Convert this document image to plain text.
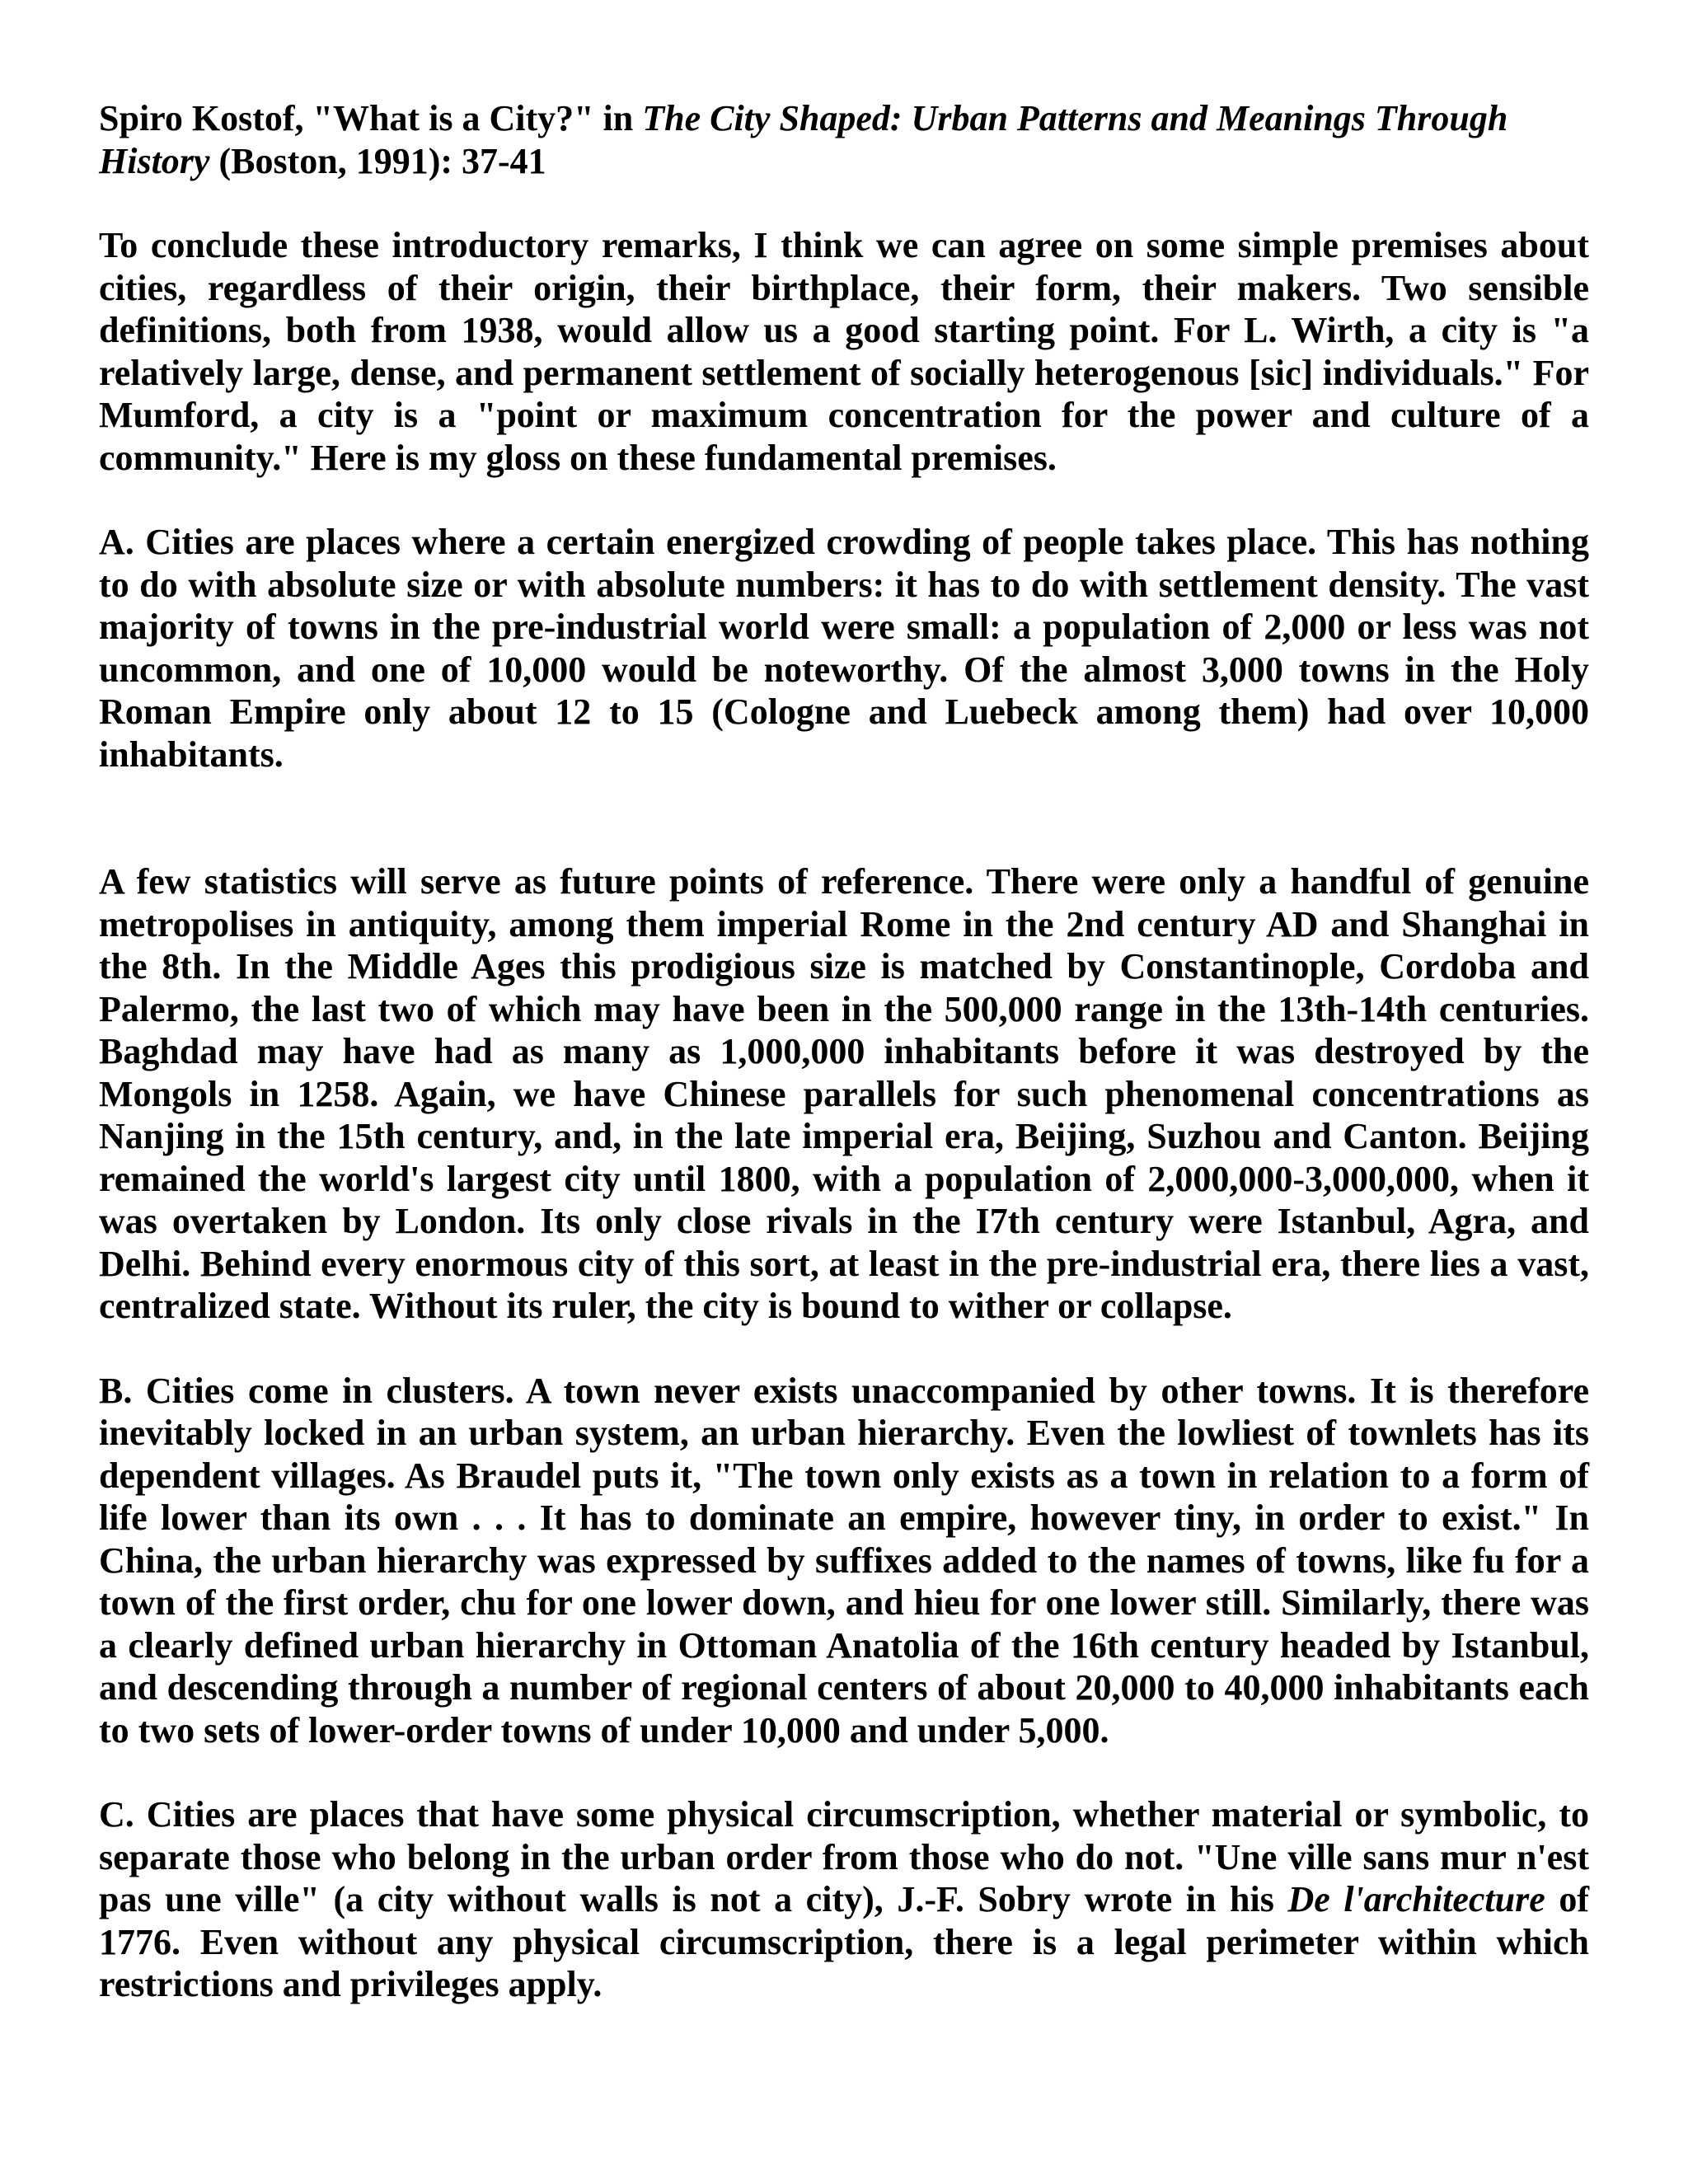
Spiro Kostof, "What is a City?" in The City Shaped: Urban Patterns and Meanings Through History (Boston, 1991): 37-41

To conclude these introductory remarks, I think we can agree on some simple premises about cities, regardless of their origin, their birthplace, their form, their makers. Two sensible definitions, both from 1938, would allow us a good starting point. For L. Wirth, a city is "a relatively large, dense, and permanent settlement of socially heterogenous [sic] individuals." For Mumford, a city is a "point or maximum concentration for the power and culture of a community." Here is my gloss on these fundamental premises.

A. Cities are places where a certain energized crowding of people takes place. This has nothing to do with absolute size or with absolute numbers: it has to do with settlement density. The vast majority of towns in the pre-industrial world were small: a population of 2,000 or less was not uncommon, and one of 10,000 would be noteworthy. Of the almost 3,000 towns in the Holy Roman Empire only about 12 to 15 (Cologne and Luebeck among them) had over 10,000 inhabitants.

A few statistics will serve as future points of reference. There were only a handful of genuine metropolises in antiquity, among them imperial Rome in the 2nd century AD and Shanghai in the 8th. In the Middle Ages this prodigious size is matched by Constantinople, Cordoba and Palermo, the last two of which may have been in the 500,000 range in the 13th-14th centuries. Baghdad may have had as many as 1,000,000 inhabitants before it was destroyed by the Mongols in 1258. Again, we have Chinese parallels for such phenomenal concentrations as Nanjing in the 15th century, and, in the late imperial era, Beijing, Suzhou and Canton. Beijing remained the world's largest city until 1800, with a population of 2,000,000-3,000,000, when it was overtaken by London. Its only close rivals in the I7th century were Istanbul, Agra, and Delhi. Behind every enormous city of this sort, at least in the pre-industrial era, there lies a vast, centralized state. Without its ruler, the city is bound to wither or collapse.

B. Cities come in clusters. A town never exists unaccompanied by other towns. It is therefore inevitably locked in an urban system, an urban hierarchy. Even the lowliest of townlets has its dependent villages. As Braudel puts it, "The town only exists as a town in relation to a form of life lower than its own . . . It has to dominate an empire, however tiny, in order to exist." In China, the urban hierarchy was expressed by suffixes added to the names of towns, like fu for a town of the first order, chu for one lower down, and hieu for one lower still. Similarly, there was a clearly defined urban hierarchy in Ottoman Anatolia of the 16th century headed by Istanbul, and descending through a number of regional centers of about 20,000 to 40,000 inhabitants each to two sets of lower-order towns of under 10,000 and under 5,000.

C. Cities are places that have some physical circumscription, whether material or symbolic, to separate those who belong in the urban order from those who do not. "Une ville sans mur n'est pas une ville" (a city without walls is not a city), J.-F. Sobry wrote in his De l'architecture of 1776. Even without any physical circumscription, there is a legal perimeter within which restrictions and privileges apply.
